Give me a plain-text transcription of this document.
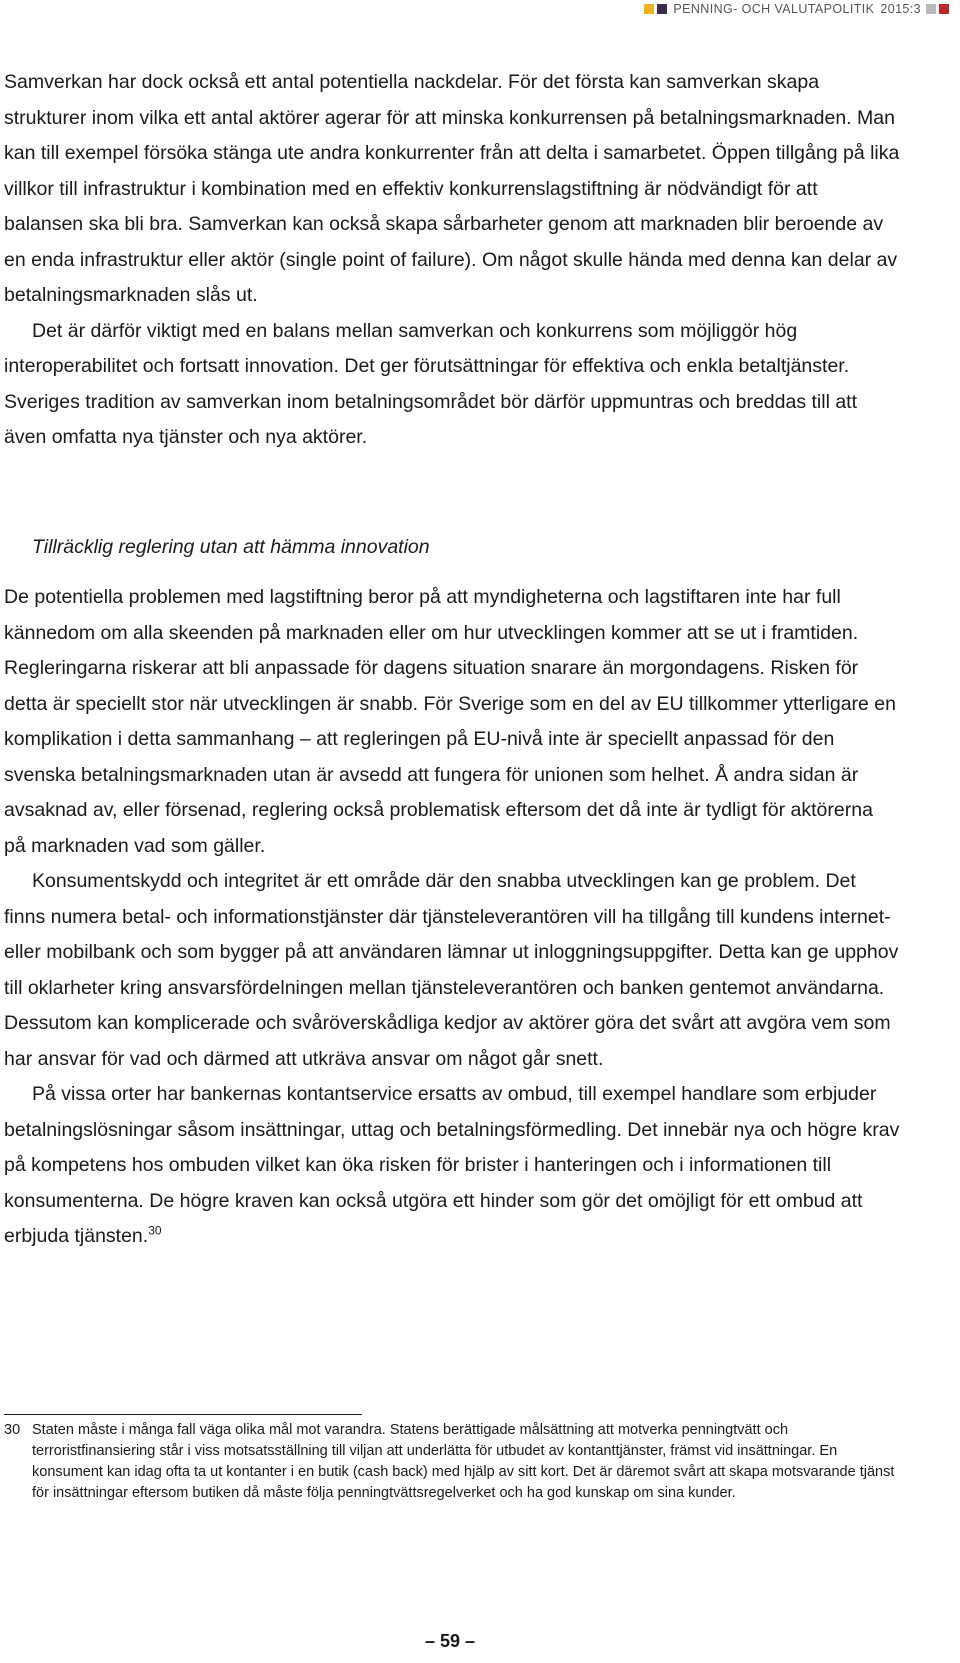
PENNING- OCH VALUTAPOLITIK 2015:3

Samverkan har dock också ett antal potentiella nackdelar. För det första kan samverkan skapa strukturer inom vilka ett antal aktörer agerar för att minska konkurrensen på betalningsmarknaden. Man kan till exempel försöka stänga ute andra konkurrenter från att delta i samarbetet. Öppen tillgång på lika villkor till infrastruktur i kombination med en effektiv konkurrenslagstiftning är nödvändigt för att balansen ska bli bra. Samverkan kan också skapa sårbarheter genom att marknaden blir beroende av en enda infrastruktur eller aktör (single point of failure). Om något skulle hända med denna kan delar av betalningsmarknaden slås ut.

Det är därför viktigt med en balans mellan samverkan och konkurrens som möjliggör hög interoperabilitet och fortsatt innovation. Det ger förutsättningar för effektiva och enkla betaltjänster. Sveriges tradition av samverkan inom betalningsområdet bör därför uppmuntras och breddas till att även omfatta nya tjänster och nya aktörer.

Tillräcklig reglering utan att hämma innovation

De potentiella problemen med lagstiftning beror på att myndigheterna och lagstiftaren inte har full kännedom om alla skeenden på marknaden eller om hur utvecklingen kommer att se ut i framtiden. Regleringarna riskerar att bli anpassade för dagens situation snarare än morgondagens. Risken för detta är speciellt stor när utvecklingen är snabb. För Sverige som en del av EU tillkommer ytterligare en komplikation i detta sammanhang – att regleringen på EU-nivå inte är speciellt anpassad för den svenska betalningsmarknaden utan är avsedd att fungera för unionen som helhet. Å andra sidan är avsaknad av, eller försenad, reglering också problematisk eftersom det då inte är tydligt för aktörerna på marknaden vad som gäller.

Konsumentskydd och integritet är ett område där den snabba utvecklingen kan ge problem. Det finns numera betal- och informationstjänster där tjänsteleverantören vill ha tillgång till kundens internet- eller mobilbank och som bygger på att användaren lämnar ut inloggningsuppgifter. Detta kan ge upphov till oklarheter kring ansvarsfördelningen mellan tjänsteleverantören och banken gentemot användarna. Dessutom kan komplicerade och svåröverskådliga kedjor av aktörer göra det svårt att avgöra vem som har ansvar för vad och därmed att utkräva ansvar om något går snett.

På vissa orter har bankernas kontantservice ersatts av ombud, till exempel handlare som erbjuder betalningslösningar såsom insättningar, uttag och betalningsförmedling. Det innebär nya och högre krav på kompetens hos ombuden vilket kan öka risken för brister i hanteringen och i informationen till konsumenterna. De högre kraven kan också utgöra ett hinder som gör det omöjligt för ett ombud att erbjuda tjänsten.$^{30}$

30 Staten måste i många fall väga olika mål mot varandra. Statens berättigade målsättning att motverka penningtvätt och terroristfinansiering står i viss motsatsställning till viljan att underlätta för utbudet av kontanttjänster, främst vid insättningar. En konsument kan idag ofta ta ut kontanter i en butik (cash back) med hjälp av sitt kort. Det är däremot svårt att skapa motsvarande tjänst för insättningar eftersom butiken då måste följa penningtvättsregelverket och ha god kunskap om sina kunder.
– 59 –
